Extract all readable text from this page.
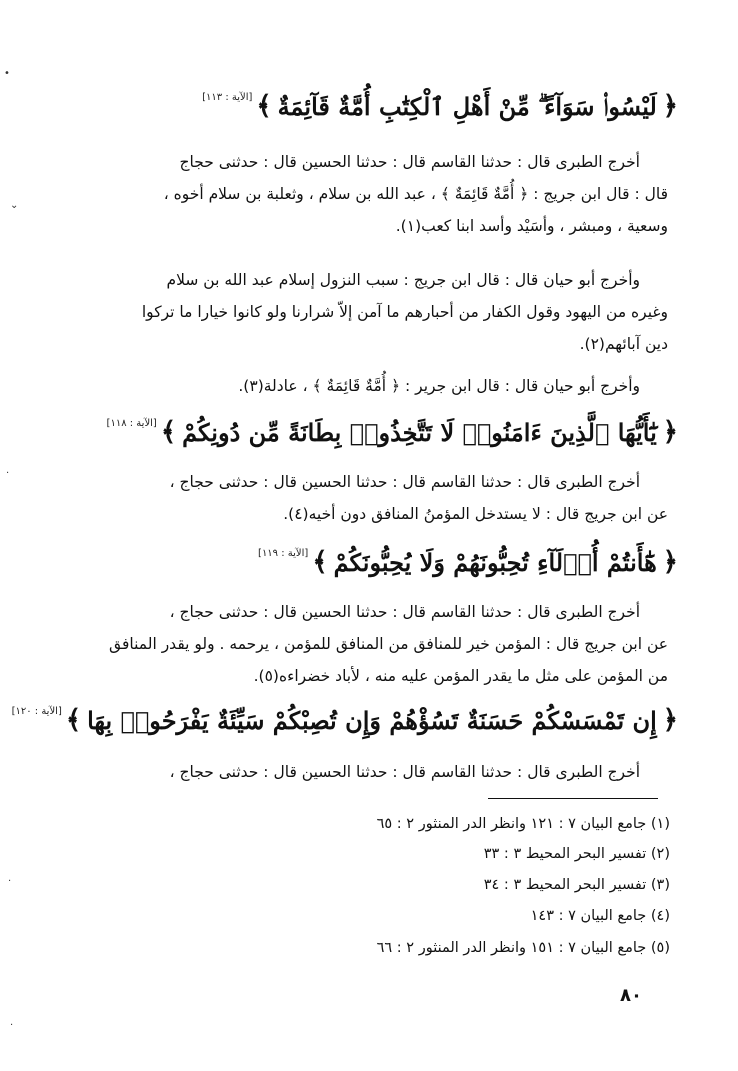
﴿
لَيْسُوا۟ سَوَآءً ۗ مِّنْ أَهْلِ ٱلْكِتَٰبِ أُمَّةٌ قَآئِمَةٌ
﴾
[الآية : ١١٣]
أخرج الطبرى قال : حدثنا القاسم قال : حدثنا الحسين قال : حدثنى حجاج
قال : قال ابن جريج : ﴿ أُمَّةٌ قَائِمَةٌ ﴾ ، عبد الله بن سلام ، وثعلبة بن سلام أخوه ،
وسعية ، ومبشر ، وأسَيْد وأسد ابنا كعب(١).
وأخرج أبو حيان قال : قال ابن جريج : سبب النزول إسلام عبد الله بن سلام
وغيره من اليهود وقول الكفار من أحبارهم ما آمن إلاّ شرارنا ولو كانوا خيارا ما تركوا
دين آبائهم(٢).
وأخرج أبو حيان قال : قال ابن جرير : ﴿ أُمَّةٌ قَائِمَةٌ ﴾ ، عادلة(٣).
﴿
يَٰٓأَيُّهَا ٱلَّذِينَ ءَامَنُوا۟ لَا تَتَّخِذُوا۟ بِطَانَةً مِّن دُونِكُمْ
﴾
[الآية : ١١٨]
أخرج الطبرى قال : حدثنا القاسم قال : حدثنا الحسين قال : حدثنى حجاج ،
عن ابن جريج قال : لا يستدخل المؤمنُ المنافق دون أخيه(٤).
﴿
هَٰٓأَنتُمْ أُو۟لَآءِ تُحِبُّونَهُمْ وَلَا يُحِبُّونَكُمْ
﴾
[الآية : ١١٩]
أخرج الطبرى قال : حدثنا القاسم قال : حدثنا الحسين قال : حدثنى حجاج ،
عن ابن جريج قال : المؤمن خير للمنافق من المنافق للمؤمن ، يرحمه . ولو يقدر المنافق
من المؤمن على مثل ما يقدر المؤمن عليه منه ، لأباد خضراءه(٥).
﴿
إِن تَمْسَسْكُمْ حَسَنَةٌ تَسُؤْهُمْ وَإِن تُصِبْكُمْ سَيِّئَةٌ يَفْرَحُوا۟ بِهَا
﴾
[الآية : ١٢٠]
أخرج الطبرى قال : حدثنا القاسم قال : حدثنا الحسين قال : حدثنى حجاج ،
(١) جامع البيان ٧ : ١٢١ وانظر الدر المنثور ٢ : ٦٥
(٢) تفسير البحر المحيط ٣ : ٣٣
(٣) تفسير البحر المحيط ٣ : ٣٤
(٤) جامع البيان ٧ : ١٤٣
(٥) جامع البيان ٧ : ١٥١ وانظر الدر المنثور ٢ : ٦٦
٨٠
•
⌄
·
·
·
